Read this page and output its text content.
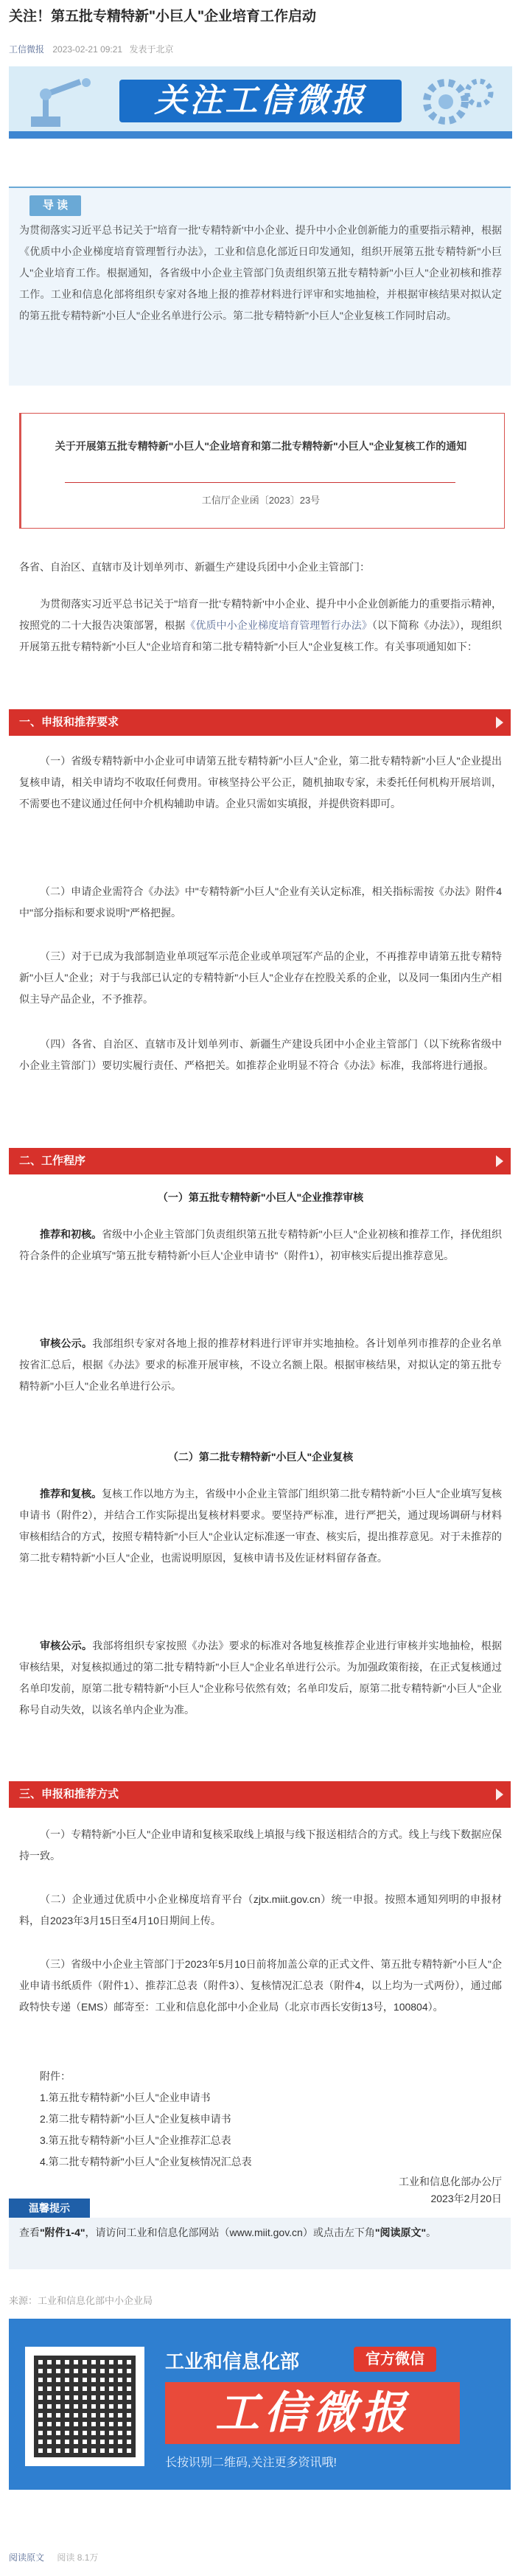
关注！第五批专精特新"小巨人"企业培育工作启动
工信微报 2023-02-21 09:21 发表于北京
关注工信微报
导 读
为贯彻落实习近平总书记关于"培育一批'专精特新'中小企业、提升中小企业创新能力的重要指示精神，根据《优质中小企业梯度培育管理暂行办法》，工业和信息化部近日印发通知，组织开展第五批专精特新"小巨人"企业培育工作。根据通知，各省级中小企业主管部门负责组织第五批专精特新"小巨人"企业初核和推荐工作。工业和信息化部将组织专家对各地上报的推荐材料进行评审和实地抽检，并根据审核结果对拟认定的第五批专精特新"小巨人"企业名单进行公示。第二批专精特新"小巨人"企业复核工作同时启动。
关于开展第五批专精特新"小巨人"企业培育和第二批专精特新"小巨人"企业复核工作的通知
工信厅企业函〔2023〕23号
各省、自治区、直辖市及计划单列市、新疆生产建设兵团中小企业主管部门：
为贯彻落实习近平总书记关于"培育一批'专精特新'中小企业、提升中小企业创新能力的重要指示精神，按照党的二十大报告决策部署，根据《优质中小企业梯度培育管理暂行办法》（以下简称《办法》），现组织开展第五批专精特新"小巨人"企业培育和第二批专精特新"小巨人"企业复核工作。有关事项通知如下：
一、申报和推荐要求
（一）省级专精特新中小企业可申请第五批专精特新"小巨人"企业，第二批专精特新"小巨人"企业提出复核申请，相关申请均不收取任何费用。审核坚持公平公正，随机抽取专家，未委托任何机构开展培训，不需要也不建议通过任何中介机构辅助申请。企业只需如实填报，并提供资料即可。
（二）申请企业需符合《办法》中"专精特新"小巨人"企业有关认定标准，相关指标需按《办法》附件4中"部分指标和要求说明"严格把握。
（三）对于已成为我部制造业单项冠军示范企业或单项冠军产品的企业，不再推荐申请第五批专精特新"小巨人"企业；对于与我部已认定的专精特新"小巨人"企业存在控股关系的企业，以及同一集团内生产相似主导产品企业，不予推荐。
（四）各省、自治区、直辖市及计划单列市、新疆生产建设兵团中小企业主管部门（以下统称省级中小企业主管部门）要切实履行责任、严格把关。如推荐企业明显不符合《办法》标准，我部将进行通报。
二、工作程序
（一）第五批专精特新"小巨人"企业推荐审核
推荐和初核。省级中小企业主管部门负责组织第五批专精特新"小巨人"企业初核和推荐工作，择优组织符合条件的企业填写"第五批专精特新'小巨人'企业申请书"（附件1），初审核实后提出推荐意见。
审核公示。我部组织专家对各地上报的推荐材料进行评审并实地抽检。各计划单列市推荐的企业名单按省汇总后，根据《办法》要求的标准开展审核，不设立名额上限。根据审核结果，对拟认定的第五批专精特新"小巨人"企业名单进行公示。
（二）第二批专精特新"小巨人"企业复核
推荐和复核。复核工作以地方为主，省级中小企业主管部门组织第二批专精特新"小巨人"企业填写复核申请书（附件2），并结合工作实际提出复核材料要求。要坚持严标准，进行严把关，通过现场调研与材料审核相结合的方式，按照专精特新"小巨人"企业认定标准逐一审查、核实后，提出推荐意见。对于未推荐的第二批专精特新"小巨人"企业，也需说明原因，复核申请书及佐证材料留存备查。
审核公示。我部将组织专家按照《办法》要求的标准对各地复核推荐企业进行审核并实地抽检，根据审核结果，对复核拟通过的第二批专精特新"小巨人"企业名单进行公示。为加强政策衔接，在正式复核通过名单印发前，原第二批专精特新"小巨人"企业称号依然有效；名单印发后，原第二批专精特新"小巨人"企业称号自动失效，以该名单内企业为准。
三、申报和推荐方式
（一）专精特新"小巨人"企业申请和复核采取线上填报与线下报送相结合的方式。线上与线下数据应保持一致。
（二）企业通过优质中小企业梯度培育平台（zjtx.miit.gov.cn）统一申报。按照本通知列明的申报材料，自2023年3月15日至4月10日期间上传。
（三）省级中小企业主管部门于2023年5月10日前将加盖公章的正式文件、第五批专精特新"小巨人"企业申请书纸质件（附件1）、推荐汇总表（附件3）、复核情况汇总表（附件4，以上均为一式两份），通过邮政特快专递（EMS）邮寄至：工业和信息化部中小企业局（北京市西长安街13号，100804）。
附件：
1.第五批专精特新"小巨人"企业申请书
2.第二批专精特新"小巨人"企业复核申请书
3.第五批专精特新"小巨人"企业推荐汇总表
4.第二批专精特新"小巨人"企业复核情况汇总表
工业和信息化部办公厅
2023年2月20日
温馨提示
查看"附件1-4"，请访问工业和信息化部网站（www.miit.gov.cn）或点击左下角"阅读原文"。
来源：工业和信息化部中小企业局
工业和信息化部	官方微信
工信微报
长按识别二维码,关注更多资讯哦!
阅读原文 阅读 8.1万
